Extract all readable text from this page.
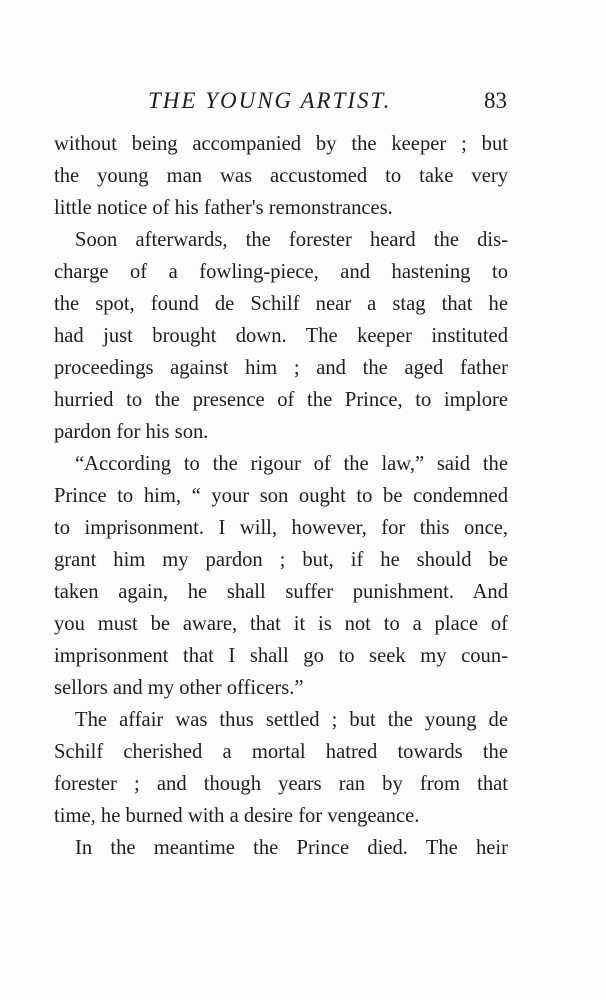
THE YOUNG ARTIST.	83

without being accompanied by the keeper ; but
the young man was accustomed to take very
little notice of his father's remonstrances.

Soon afterwards, the forester heard the dis-
charge of a fowling-piece, and hastening to
the spot, found de Schilf near a stag that he
had just brought down. The keeper instituted
proceedings against him ; and the aged father
hurried to the presence of the Prince, to implore
pardon for his son.

“According to the rigour of the law,” said the
Prince to him, “ your son ought to be condemned
to imprisonment. I will, however, for this once,
grant him my pardon ; but, if he should be
taken again, he shall suffer punishment. And
you must be aware, that it is not to a place of
imprisonment that I shall go to seek my coun-
sellors and my other officers.”

The affair was thus settled ; but the young de
Schilf cherished a mortal hatred towards the
forester ; and though years ran by from that
time, he burned with a desire for vengeance.

In the meantime the Prince died. The heir
